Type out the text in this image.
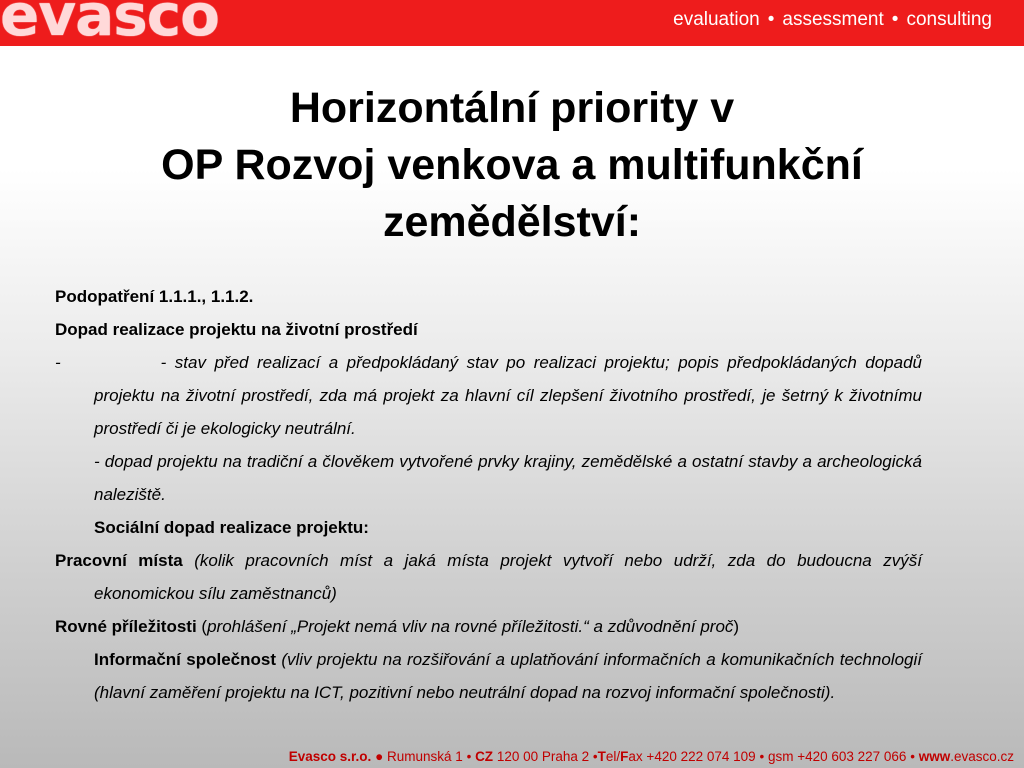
evasco	evaluation • assessment • consulting
Horizontální priority v
OP Rozvoj venkova a multifunkční
zemědělství:

Podopatření 1.1.1., 1.1.2.

Dopad realizace projektu na životní prostředí

-	- stav před realizací a předpokládaný stav po realizaci projektu; popis předpokládaných dopadů projektu na životní prostředí, zda má projekt za hlavní cíl zlepšení životního prostředí, je šetrný k životnímu prostředí či je ekologicky neutrální.

- dopad projektu na tradiční a člověkem vytvořené prvky krajiny, zemědělské a ostatní stavby a archeologická naleziště.

Sociální dopad realizace projektu:

Pracovní místa (kolik pracovních míst a jaká místa projekt vytvoří nebo udrží, zda do budoucna zvýší ekonomickou sílu zaměstnanců)

Rovné příležitosti (prohlášení „Projekt nemá vliv na rovné příležitosti.“ a zdůvodnění proč)

Informační společnost (vliv projektu na rozšiřování a uplatňování informačních a komunikačních technologií (hlavní zaměření projektu na ICT, pozitivní nebo neutrální dopad na rozvoj informační společnosti).

Evasco s.r.o. ● Rumunská 1 • CZ 120 00 Praha 2 •Tel/Fax +420 222 074 109 • gsm +420 603 227 066 • www.evasco.cz
